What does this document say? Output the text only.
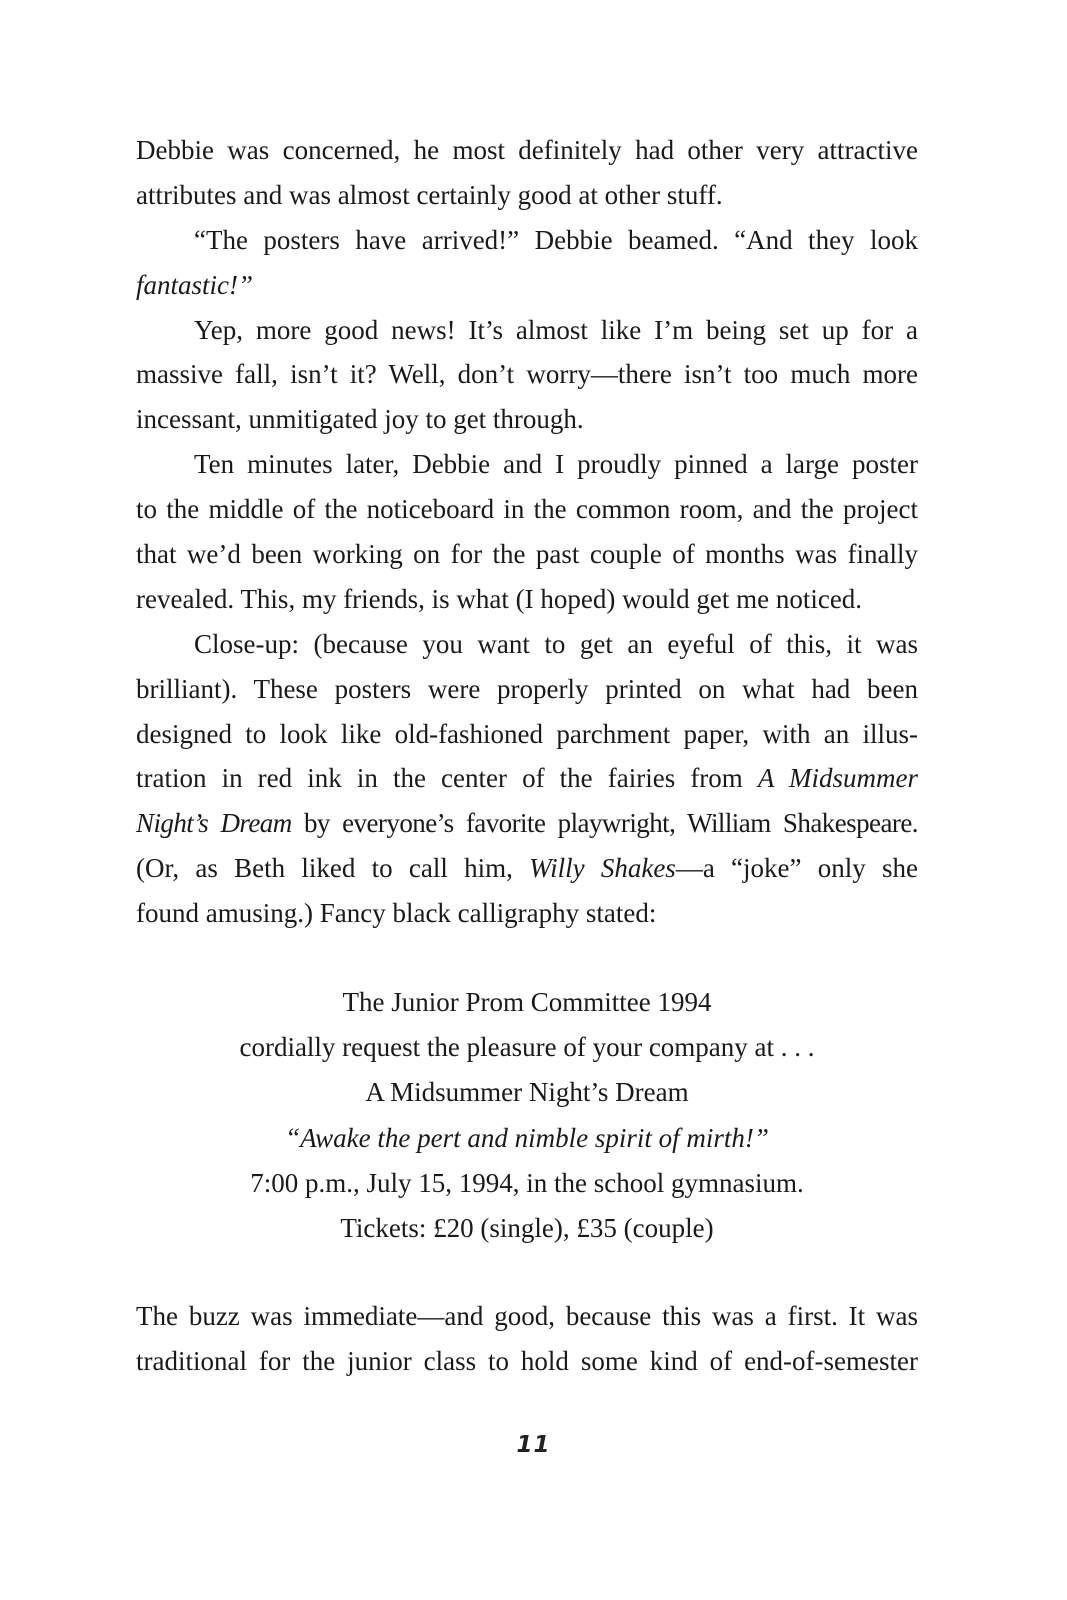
Debbie was concerned, he most definitely had other very attractive
attributes and was almost certainly good at other stuff.
“The posters have arrived!” Debbie beamed. “And they look
fantastic!”
Yep, more good news! It’s almost like I’m being set up for a
massive fall, isn’t it? Well, don’t worry—there isn’t too much more
incessant, unmitigated joy to get through.
Ten minutes later, Debbie and I proudly pinned a large poster
to the middle of the noticeboard in the common room, and the project
that we’d been working on for the past couple of months was finally
revealed. This, my friends, is what (I hoped) would get me noticed.
Close-up: (because you want to get an eyeful of this, it was
brilliant). These posters were properly printed on what had been
designed to look like old-fashioned parchment paper, with an illus-
tration in red ink in the center of the fairies from A Midsummer
Night’s Dream by everyone’s favorite playwright, William Shakespeare.
(Or, as Beth liked to call him, Willy Shakes—a “joke” only she
found amusing.) Fancy black calligraphy stated:
The Junior Prom Committee 1994
cordially request the pleasure of your company at . . .
A Midsummer Night’s Dream
“Awake the pert and nimble spirit of mirth!”
7:00 p.m., July 15, 1994, in the school gymnasium.
Tickets: £20 (single), £35 (couple)
The buzz was immediate—and good, because this was a first. It was
traditional for the junior class to hold some kind of end-of-semester
11
